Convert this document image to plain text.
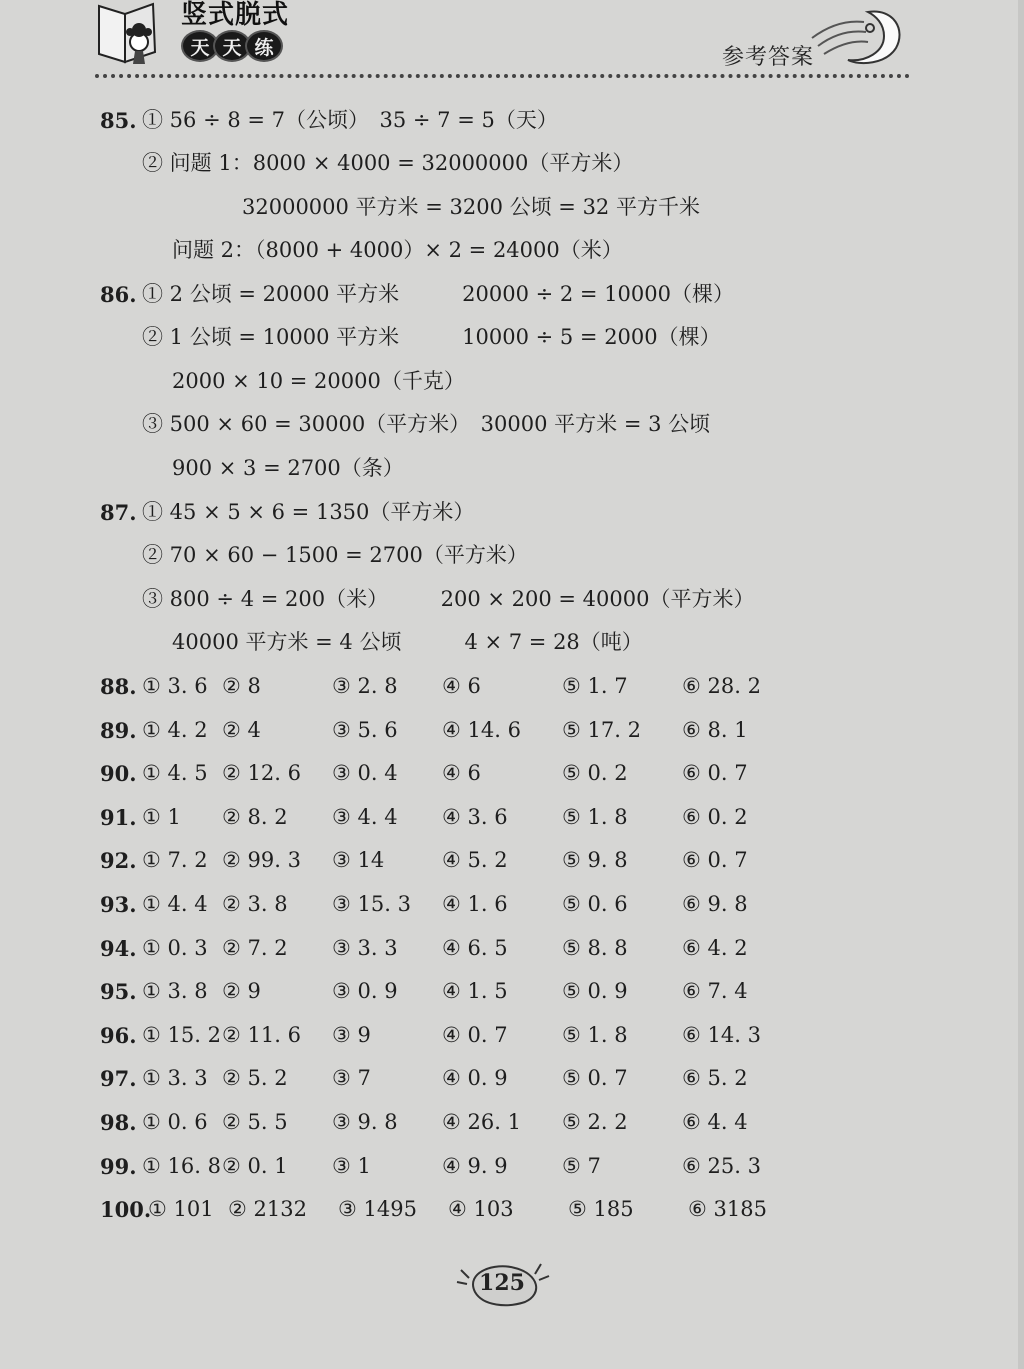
竖式脱式
天 天 练	参考答案
85. ① 56 ÷ 8 = 7（公顷）　35 ÷ 7 = 5（天）
② 问题 1：8000 × 4000 = 32000000（平方米）
32000000 平方米 = 3200 公顷 = 32 平方千米
问题 2：（8000 + 4000）× 2 = 24000（米）
86. ① 2 公顷 = 20000 平方米　　　20000 ÷ 2 = 10000（棵）
② 1 公顷 = 10000 平方米　　　10000 ÷ 5 = 2000（棵）
2000 × 10 = 20000（千克）
③ 500 × 60 = 30000（平方米）　30000 平方米 = 3 公顷
900 × 3 = 2700（条）
87. ① 45 × 5 × 6 = 1350（平方米）
② 70 × 60 − 1500 = 2700（平方米）
③ 800 ÷ 4 = 200（米）　　　200 × 200 = 40000（平方米）
40000 平方米 = 4 公顷　　　4 × 7 = 28（吨）
88. ① 3. 6 ② 8	③ 2. 8 ④ 6	⑤ 1. 7	⑥ 28. 2
89. ① 4. 2 ② 4	③ 5. 6 ④ 14. 6 ⑤ 17. 2 ⑥ 8. 1
90. ① 4. 5 ② 12. 6 ③ 0. 4 ④ 6	⑤ 0. 2	⑥ 0. 7
91. ① 1 ② 8. 2 ③ 4. 4 ④ 3. 6	⑤ 1. 8	⑥ 0. 2
92. ① 7. 2 ② 99. 3 ③ 14	④ 5. 2	⑤ 9. 8	⑥ 0. 7
93. ① 4. 4 ② 3. 8 ③ 15. 3 ④ 1. 6	⑤ 0. 6	⑥ 9. 8
94. ① 0. 3 ② 7. 2 ③ 3. 3 ④ 6. 5	⑤ 8. 8	⑥ 4. 2
95. ① 3. 8 ② 9	③ 0. 9 ④ 1. 5	⑤ 0. 9	⑥ 7. 4
96. ① 15. 2 ② 11. 6 ③ 9	④ 0. 7	⑤ 1. 8	⑥ 14. 3
97. ① 3. 3 ② 5. 2 ③ 7	④ 0. 9	⑤ 0. 7	⑥ 5. 2
98. ① 0. 6 ② 5. 5 ③ 9. 8 ④ 26. 1 ⑤ 2. 2	⑥ 4. 4
99. ① 16. 8 ② 0. 1 ③ 1	④ 9. 9	⑤ 7	⑥ 25. 3
100.
① 101 ② 2132 ③ 1495 ④ 103	⑤ 185	⑥ 3185
125
